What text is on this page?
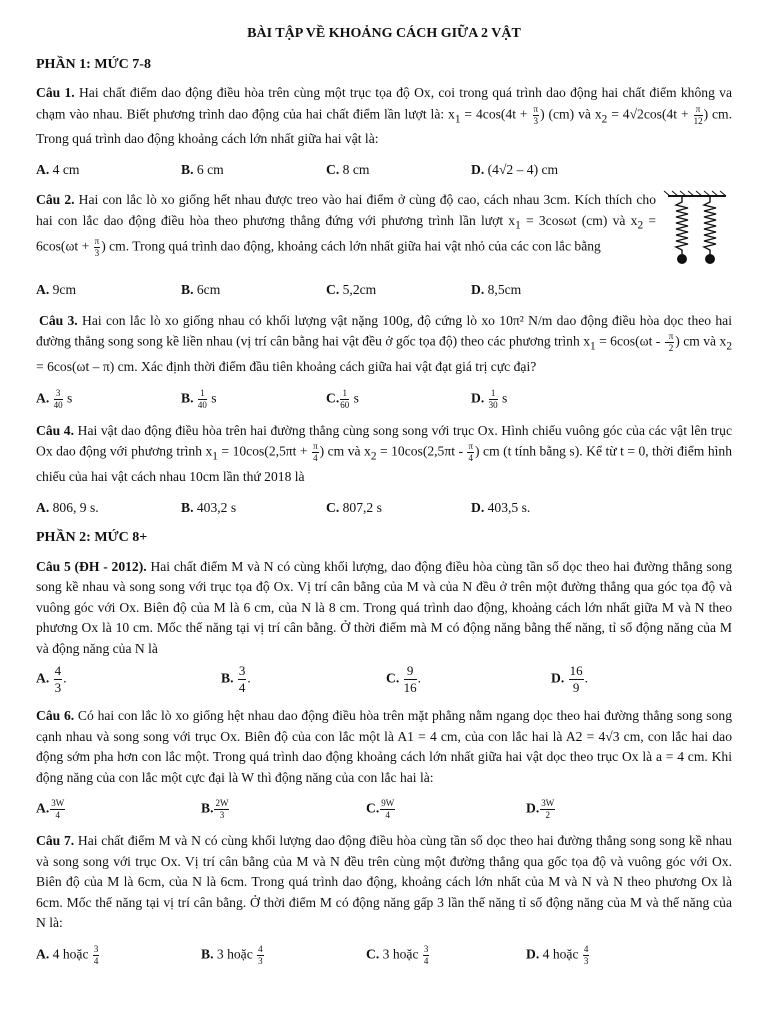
BÀI TẬP VỀ KHOẢNG CÁCH GIỮA 2 VẬT
PHẦN 1: MỨC 7-8

Câu 1. Hai chất điểm dao động điều hòa trên cùng một trục tọa độ Ox, coi trong quá trình dao động hai chất điểm không va chạm vào nhau. Biết phương trình dao động của hai chất điểm lần lượt là: $x_1 = 4\cos(4t + \frac{\pi}{3}$ ) (cm) và $x_2 = 4√2\cos(4t + \frac{\pi}{12}$ ) cm. Trong quá trình dao động khoảng cách lớn nhất giữa hai vật là:

A. 4 cm	B. 6 cm	C. 8 cm	D. (4√2 – 4) cm

Câu 2. Hai con lắc lò xo giống hết nhau được treo vào hai điểm ở cùng độ cao, cách nhau 3cm. Kích thích cho hai con lắc dao động điều hòa theo phương thẳng đứng với phương trình lần lượt $x_1 = 3\cos\omega t$ (cm) và $x_2 = 6\cos(\omega t + \frac{\pi}{3}$ ) cm. Trong quá trình dao động, khoảng cách lớn nhất giữa hai vật nhỏ của các con lắc bằng

A. 9cm	B. 6cm	C. 5,2cm	D. 8,5cm

Câu 3. Hai con lắc lò xo giống nhau có khối lượng vật nặng 100g, độ cứng lò xo 10π² N/m dao động điều hòa dọc theo hai đường thẳng song song kề liền nhau (vị trí cân bằng hai vật đều ở gốc tọa độ) theo các phương trình $x_1 = 6\cos(\omega t - \frac{\pi}{2}$ ) cm và $x_2 = 6\cos(\omega t - \pi)$ cm. Xác định thời điểm đầu tiên khoảng cách giữa hai vật đạt giá trị cực đại?

A. $\frac{3}{40}$ s	B. $\frac{1}{40}$ s	C. $\frac{1}{60}$ s	D. $\frac{1}{30}$ s

Câu 4. Hai vật dao động điều hòa trên hai đường thẳng cùng song song với trục Ox. Hình chiếu vuông góc của các vật lên trục Ox dao động với phương trình $x_1 = 10\cos(2,5\pi t + \frac{\pi}{4}$ ) cm và $x_2 = 10\cos(2,5\pi t - \frac{\pi}{4}$ ) cm (t tính bằng s). Kể từ t = 0, thời điểm hình chiếu của hai vật cách nhau 10cm lần thứ 2018 là

A. 806, 9 s.	B. 403,2 s	C. 807,2 s	D. 403,5 s.
PHẦN 2: MỨC 8+

Câu 5 (ĐH - 2012). Hai chất điểm M và N có cùng khối lượng, dao động điều hòa cùng tần số dọc theo hai đường thẳng song song kề nhau và song song với trục tọa độ Ox. Vị trí cân bằng của M và của N đều ở trên một đường thẳng qua góc tọa độ và vuông góc với Ox. Biên độ của M là 6 cm, của N là 8 cm. Trong quá trình dao động, khoảng cách lớn nhất giữa M và N theo phương Ox là 10 cm. Mốc thế năng tại vị trí cân bằng. Ở thời điểm mà M có động năng bằng thế năng, tỉ số động năng của M và động năng của N là

A. $\frac{4}{3}$ .	B. $\frac{3}{4}$ .	C. $\frac{9}{16}$ .	D. $\frac{16}{9}$ .

Câu 6. Có hai con lắc lò xo giống hệt nhau dao động điều hòa trên mặt phẳng nằm ngang dọc theo hai đường thẳng song song cạnh nhau và song song với trục Ox. Biên độ của con lắc một là A1 = 4 cm, của con lắc hai là A2 = 4√3 cm, con lắc hai dao động sớm pha hơn con lắc một. Trong quá trình dao động khoảng cách lớn nhất giữa hai vật dọc theo trục Ox là a = 4 cm. Khi động năng của con lắc một cực đại là W thì động năng của con lắc hai là:

A. $\frac{3W}{4}$	B. $\frac{2W}{3}$	C. $\frac{9W}{4}$	D. $\frac{3W}{2}$

Câu 7. Hai chất điểm M và N có cùng khối lượng dao động điều hòa cùng tần số dọc theo hai đường thẳng song song kề nhau và song song với trục Ox. Vị trí cân bằng của M và N đều trên cùng một đường thẳng qua gốc tọa độ và vuông góc với Ox. Biên độ của M là 6cm, của N là 6cm. Trong quá trình dao động, khoảng cách lớn nhất của M và N và N theo phương Ox là 6cm. Mốc thế năng tại vị trí cân bằng. Ở thời điểm M có động năng gấp 3 lần thế năng tỉ số động năng của M và thế năng của N là:

A. 4 hoặc $\frac{3}{4}$	B. 3 hoặc $\frac{4}{3}$	C. 3 hoặc $\frac{3}{4}$	D. 4 hoặc $\frac{4}{3}$
